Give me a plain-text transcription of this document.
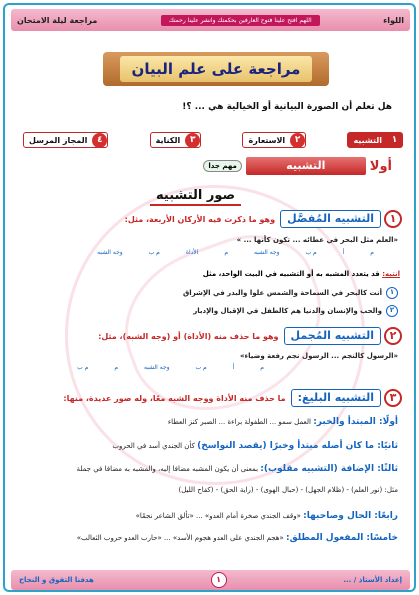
اللواء
اللهم افتح علينا فتوح العارفين بحكمتك وانشر علينا رحمتك
مراجعة ليلة الامتحان
مراجعة على علم البيان
هل تعلم أن الصورة البيانية أو الخيالية هي ... ؟!
١
التشبيه
٢
الاستعارة
٣
الكناية
٤
المجاز المرسل
أولا
التشبيه
مهم جدا
صور التشبيه
١
التشبيه المُفصَّل
وهو ما ذكرت فيه الأركان الأربعة، مثل:
«العلم مثل البحر في عطائه ... تكون كأنها ... »
م أ م ب وجه الشبه م الأداة م ب وجه الشبه
انتبه: قد يتعدد المشبه به أو التشبيه في البيت الواحد، مثل
١أنت كالبحر في السماحة والشمس علوا والبدر في الإشراق
٢والحب والإنسان والدنيا هم كالطفل في الإقبال والإدبار
٢
التشبيه المُجمل
وهو ما حذف منه (الأداة) أو (وجه الشبه)، مثل:
«الرسول كالنجم ... الرسول نجم رفعة وضياء»
م أ م ب وجه الشبه م م ب
٣
التشبيه البليغ:
ما حذف منه الأداة ووجه الشبه معًا، وله صور عديدة، منها:
أولًا: المبتدأ والخبر: العمل سمو ... الطفولة براءة ... الصبر كنز العطاء
ثانيًا: ما كان أصله مبتدأ وخبرًا (يقصد النواسخ) كأن الجندي أسد في الحروب
ثالثًا: الإضافة (التشبيه مقلوب): بمعنى أن يكون المشبه مضافا إليه، والمشبه به مضافا في جملة
مثل: (نور العلم) - (ظلام الجهل) - (حبال الهوى) - (راية الحق) - (كفاح الليل)
رابعًا: الحال وصاحبها: «وقف الجندي صخرة أمام العدو» ... «تألق الشاعر نجمًا»
خامسًا: المفعول المطلق: «هجم الجندي على العدو هجوم الأسد» ... «حارب العدو حروب الثعالب»
إعداد الأستاذ / ...
١
هدفنا التفوق و النجاح
